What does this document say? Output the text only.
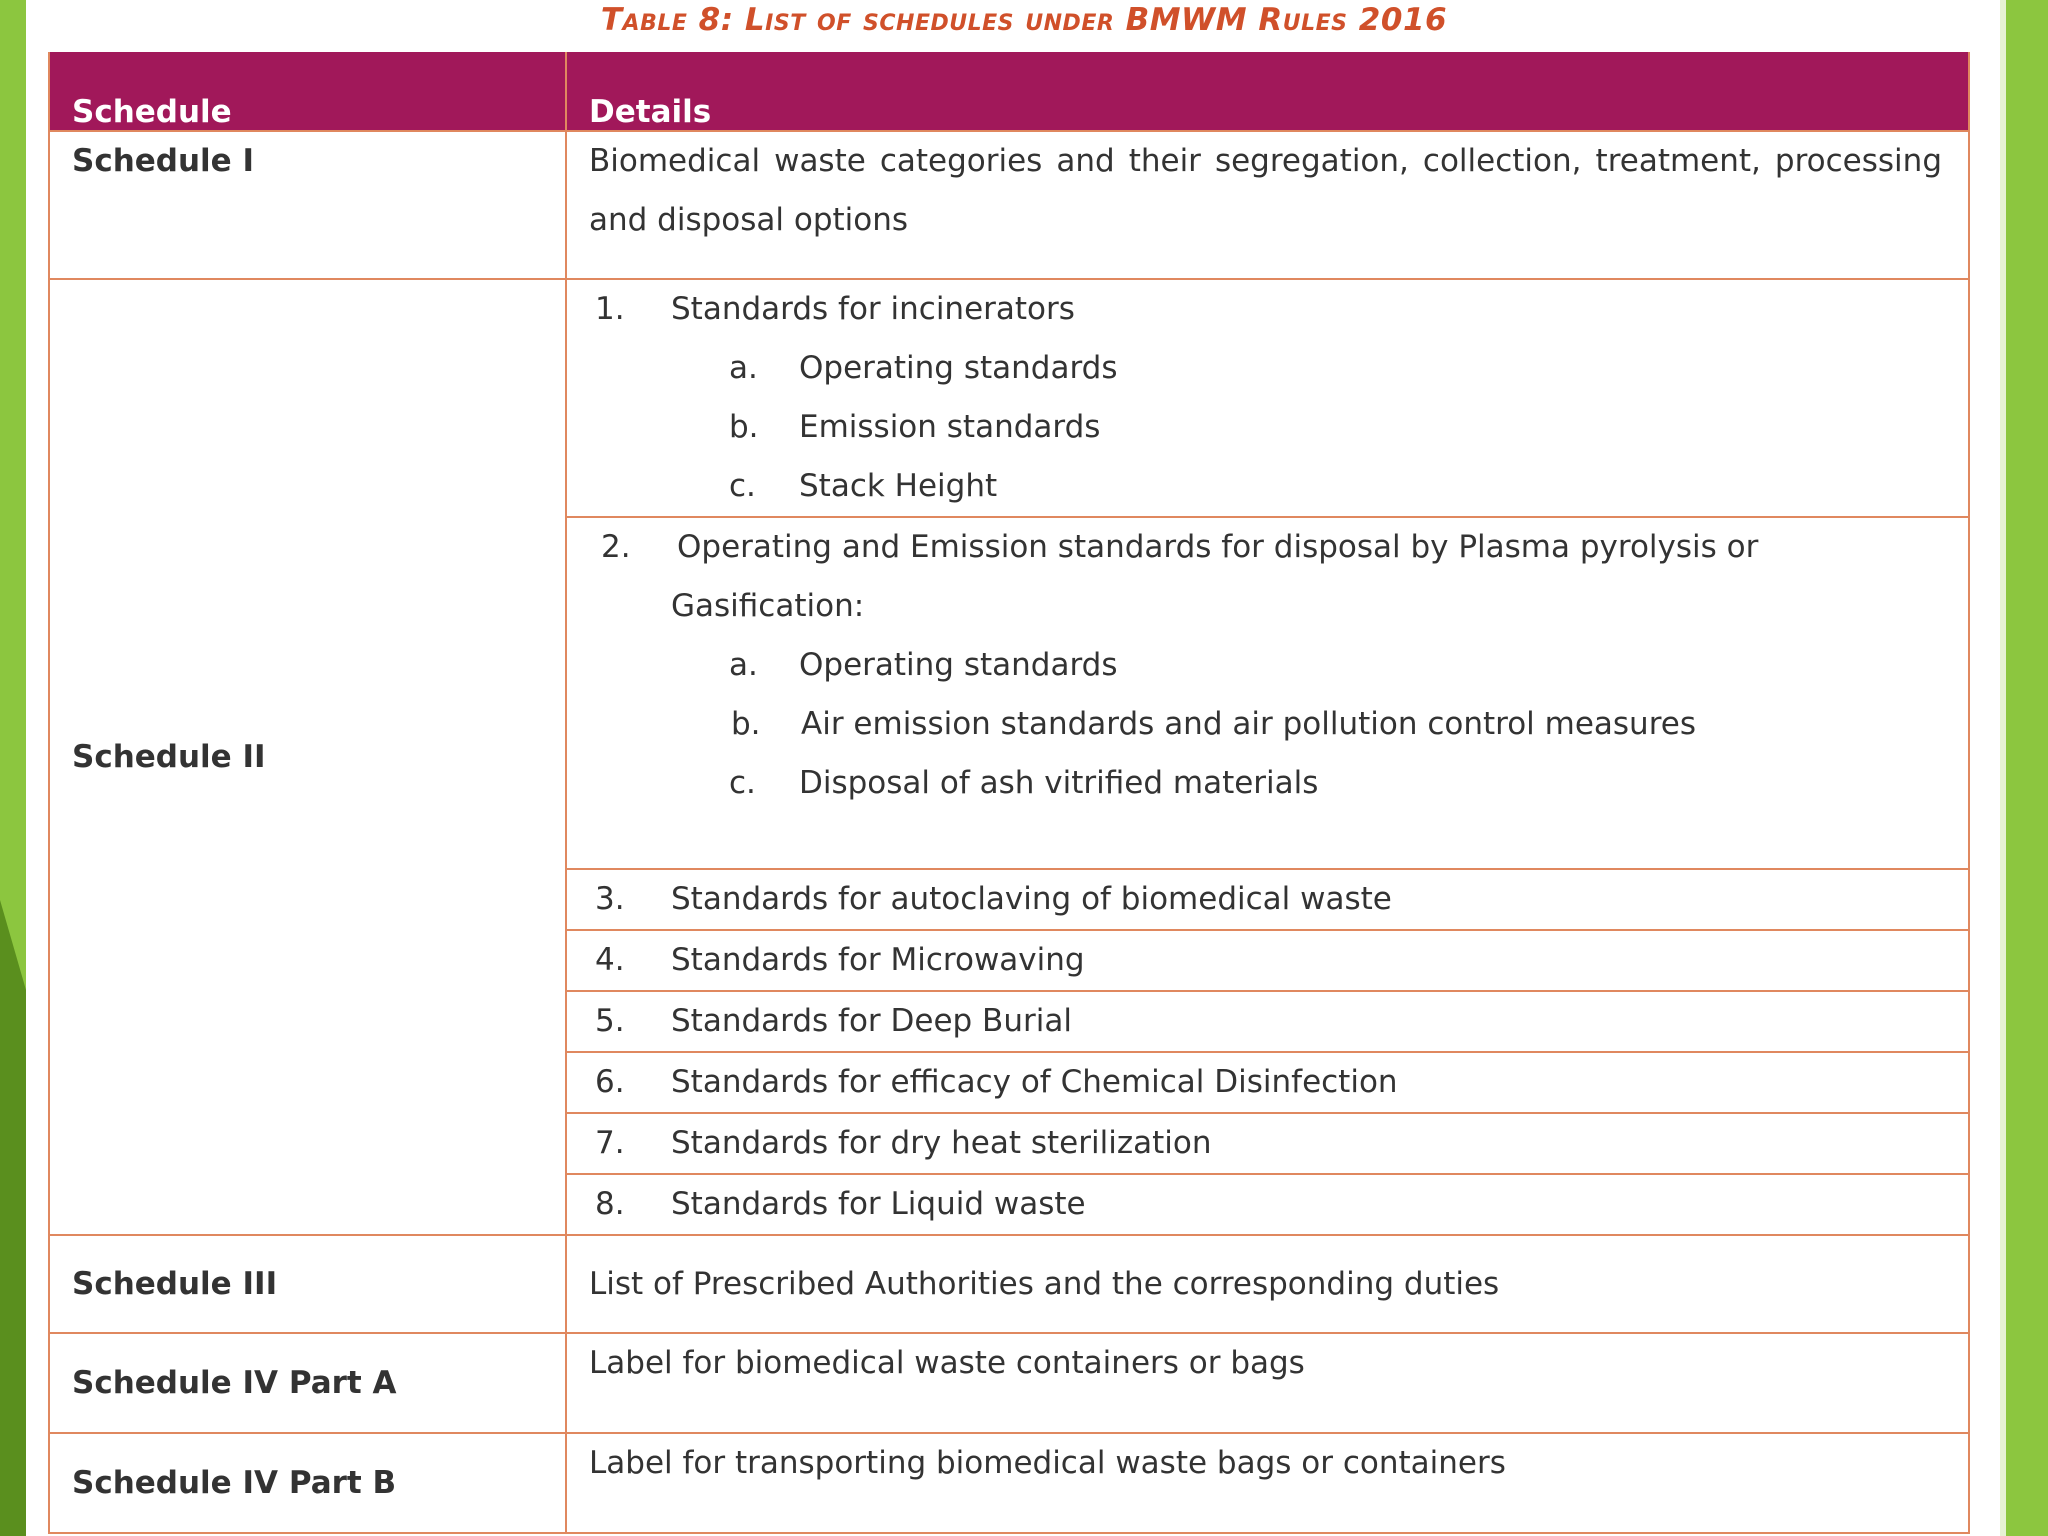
Table 8: List of schedules under BMWM Rules 2016
Schedule	Details
Schedule I	Biomedical waste categories and their segregation, collection, treatment, processing and disposal options
Schedule II	1. Standards for incinerators
a. Operating standards
b. Emission standards
c. Stack Height

	2. Operating and Emission standards for disposal by Plasma pyrolysis or Gasification:
a. Operating standards
b. Air emission standards and air pollution control measures
c. Disposal of ash vitrified materials

	3. Standards for autoclaving of biomedical waste
	4. Standards for Microwaving
	5. Standards for Deep Burial
	6. Standards for efficacy of Chemical Disinfection
	7. Standards for dry heat sterilization
	8. Standards for Liquid waste
Schedule III	List of Prescribed Authorities and the corresponding duties
Schedule IV Part A	Label for biomedical waste containers or bags
Schedule IV Part B	Label for transporting biomedical waste bags or containers
